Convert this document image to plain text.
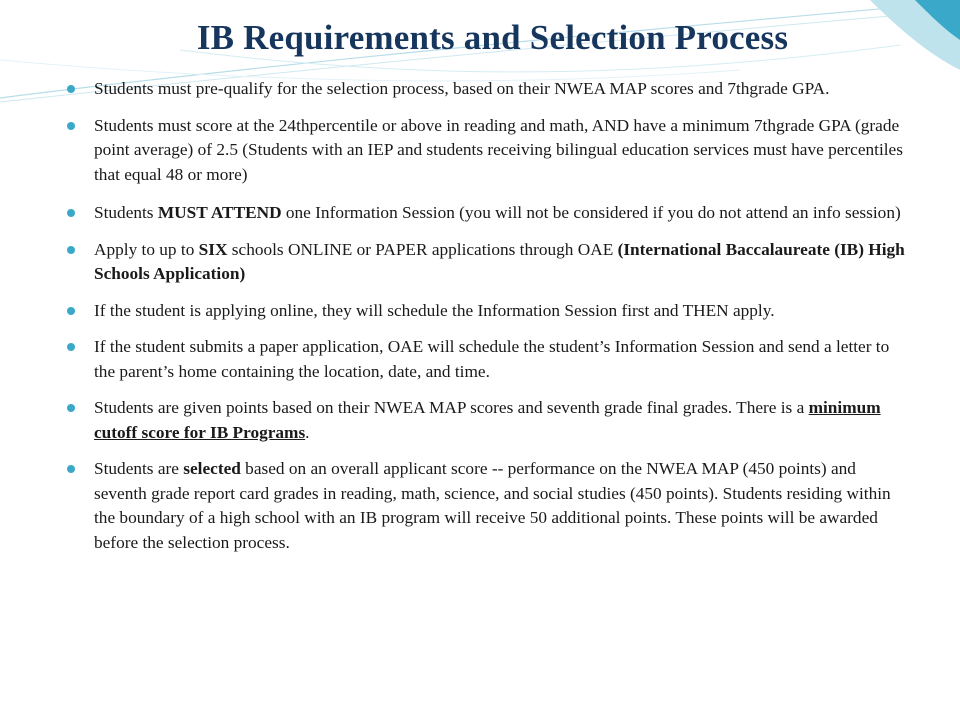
IB Requirements and Selection Process
Students must pre-qualify for the selection process, based on their NWEA MAP scores and 7thgrade GPA.
Students must score at the 24thpercentile or above in reading and math, AND have a minimum 7thgrade GPA (grade point average) of 2.5 (Students with an IEP and students receiving bilingual education services must have percentiles that equal 48 or more)
Students MUST ATTEND one Information Session (you will not be considered if you do not attend an info session)
Apply to up to SIX schools ONLINE or PAPER applications through OAE (International Baccalaureate (IB) High Schools Application)
If the student is applying online, they will schedule the Information Session first and THEN apply.
If the student submits a paper application, OAE will schedule the student’s Information Session and send a letter to the parent’s home containing the location, date, and time.
Students are given points based on their NWEA MAP scores and seventh grade final grades. There is a minimum cutoff score for IB Programs.
Students are selected based on an overall applicant score -- performance on the NWEA MAP (450 points) and seventh grade report card grades in reading, math, science, and social studies (450 points). Students residing within the boundary of a high school with an IB program will receive 50 additional points. These points will be awarded before the selection process.
